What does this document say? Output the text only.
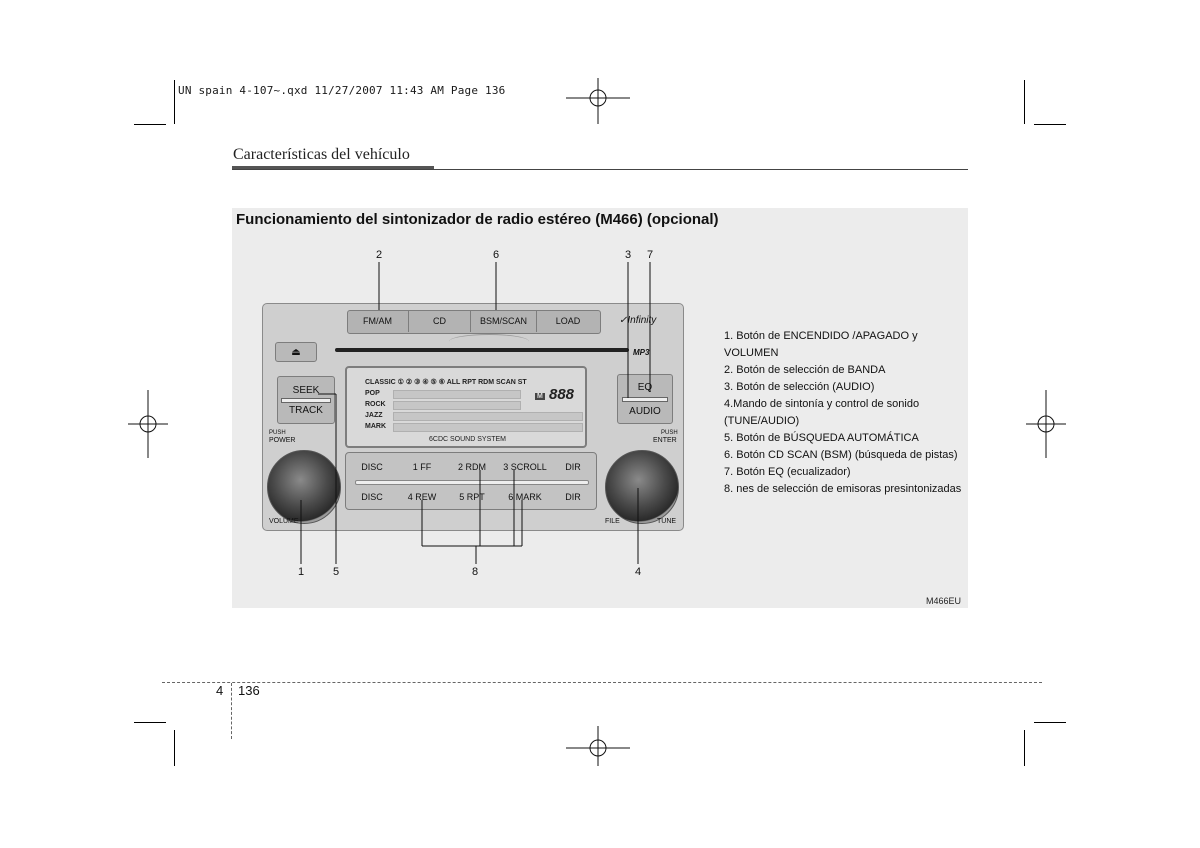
UN spain 4-107~.qxd 11/27/2007 11:43 AM Page 136
Características del vehículo
Funcionamiento del sintonizador de radio estéreo (M466) (opcional)
FM/AM	CD	BSM/SCAN	LOAD	✓Infinity
MP3
⏏
SEEK
TRACK
CLASSIC ① ② ③ ④ ⑤ ⑥ ALL RPT RDM SCAN ST
POP
ROCK
JAZZ
MARK
M 888
6CDC SOUND SYSTEM
EQ
AUDIO
PUSH
POWER
PUSH
ENTER
VOLUME	FILE	TUNE
DISC	1 FF	2 RDM	3 SCROLL	DIR
DISC	4 REW	5 RPT	6 MARK	DIR
2	6	3 7
1	5	8	4
1. Botón de ENCENDIDO /APAGADO y VOLUMEN
2. Botón de selección de BANDA
3. Botón de selección (AUDIO)
4.Mando de sintonía y control de sonido (TUNE/AUDIO)
5. Botón de BÚSQUEDA AUTOMÁTICA
6. Botón CD SCAN (BSM) (búsqueda de pistas)
7. Botón EQ (ecualizador)
8. nes de selección de emisoras presintonizadas
M466EU
4 136
